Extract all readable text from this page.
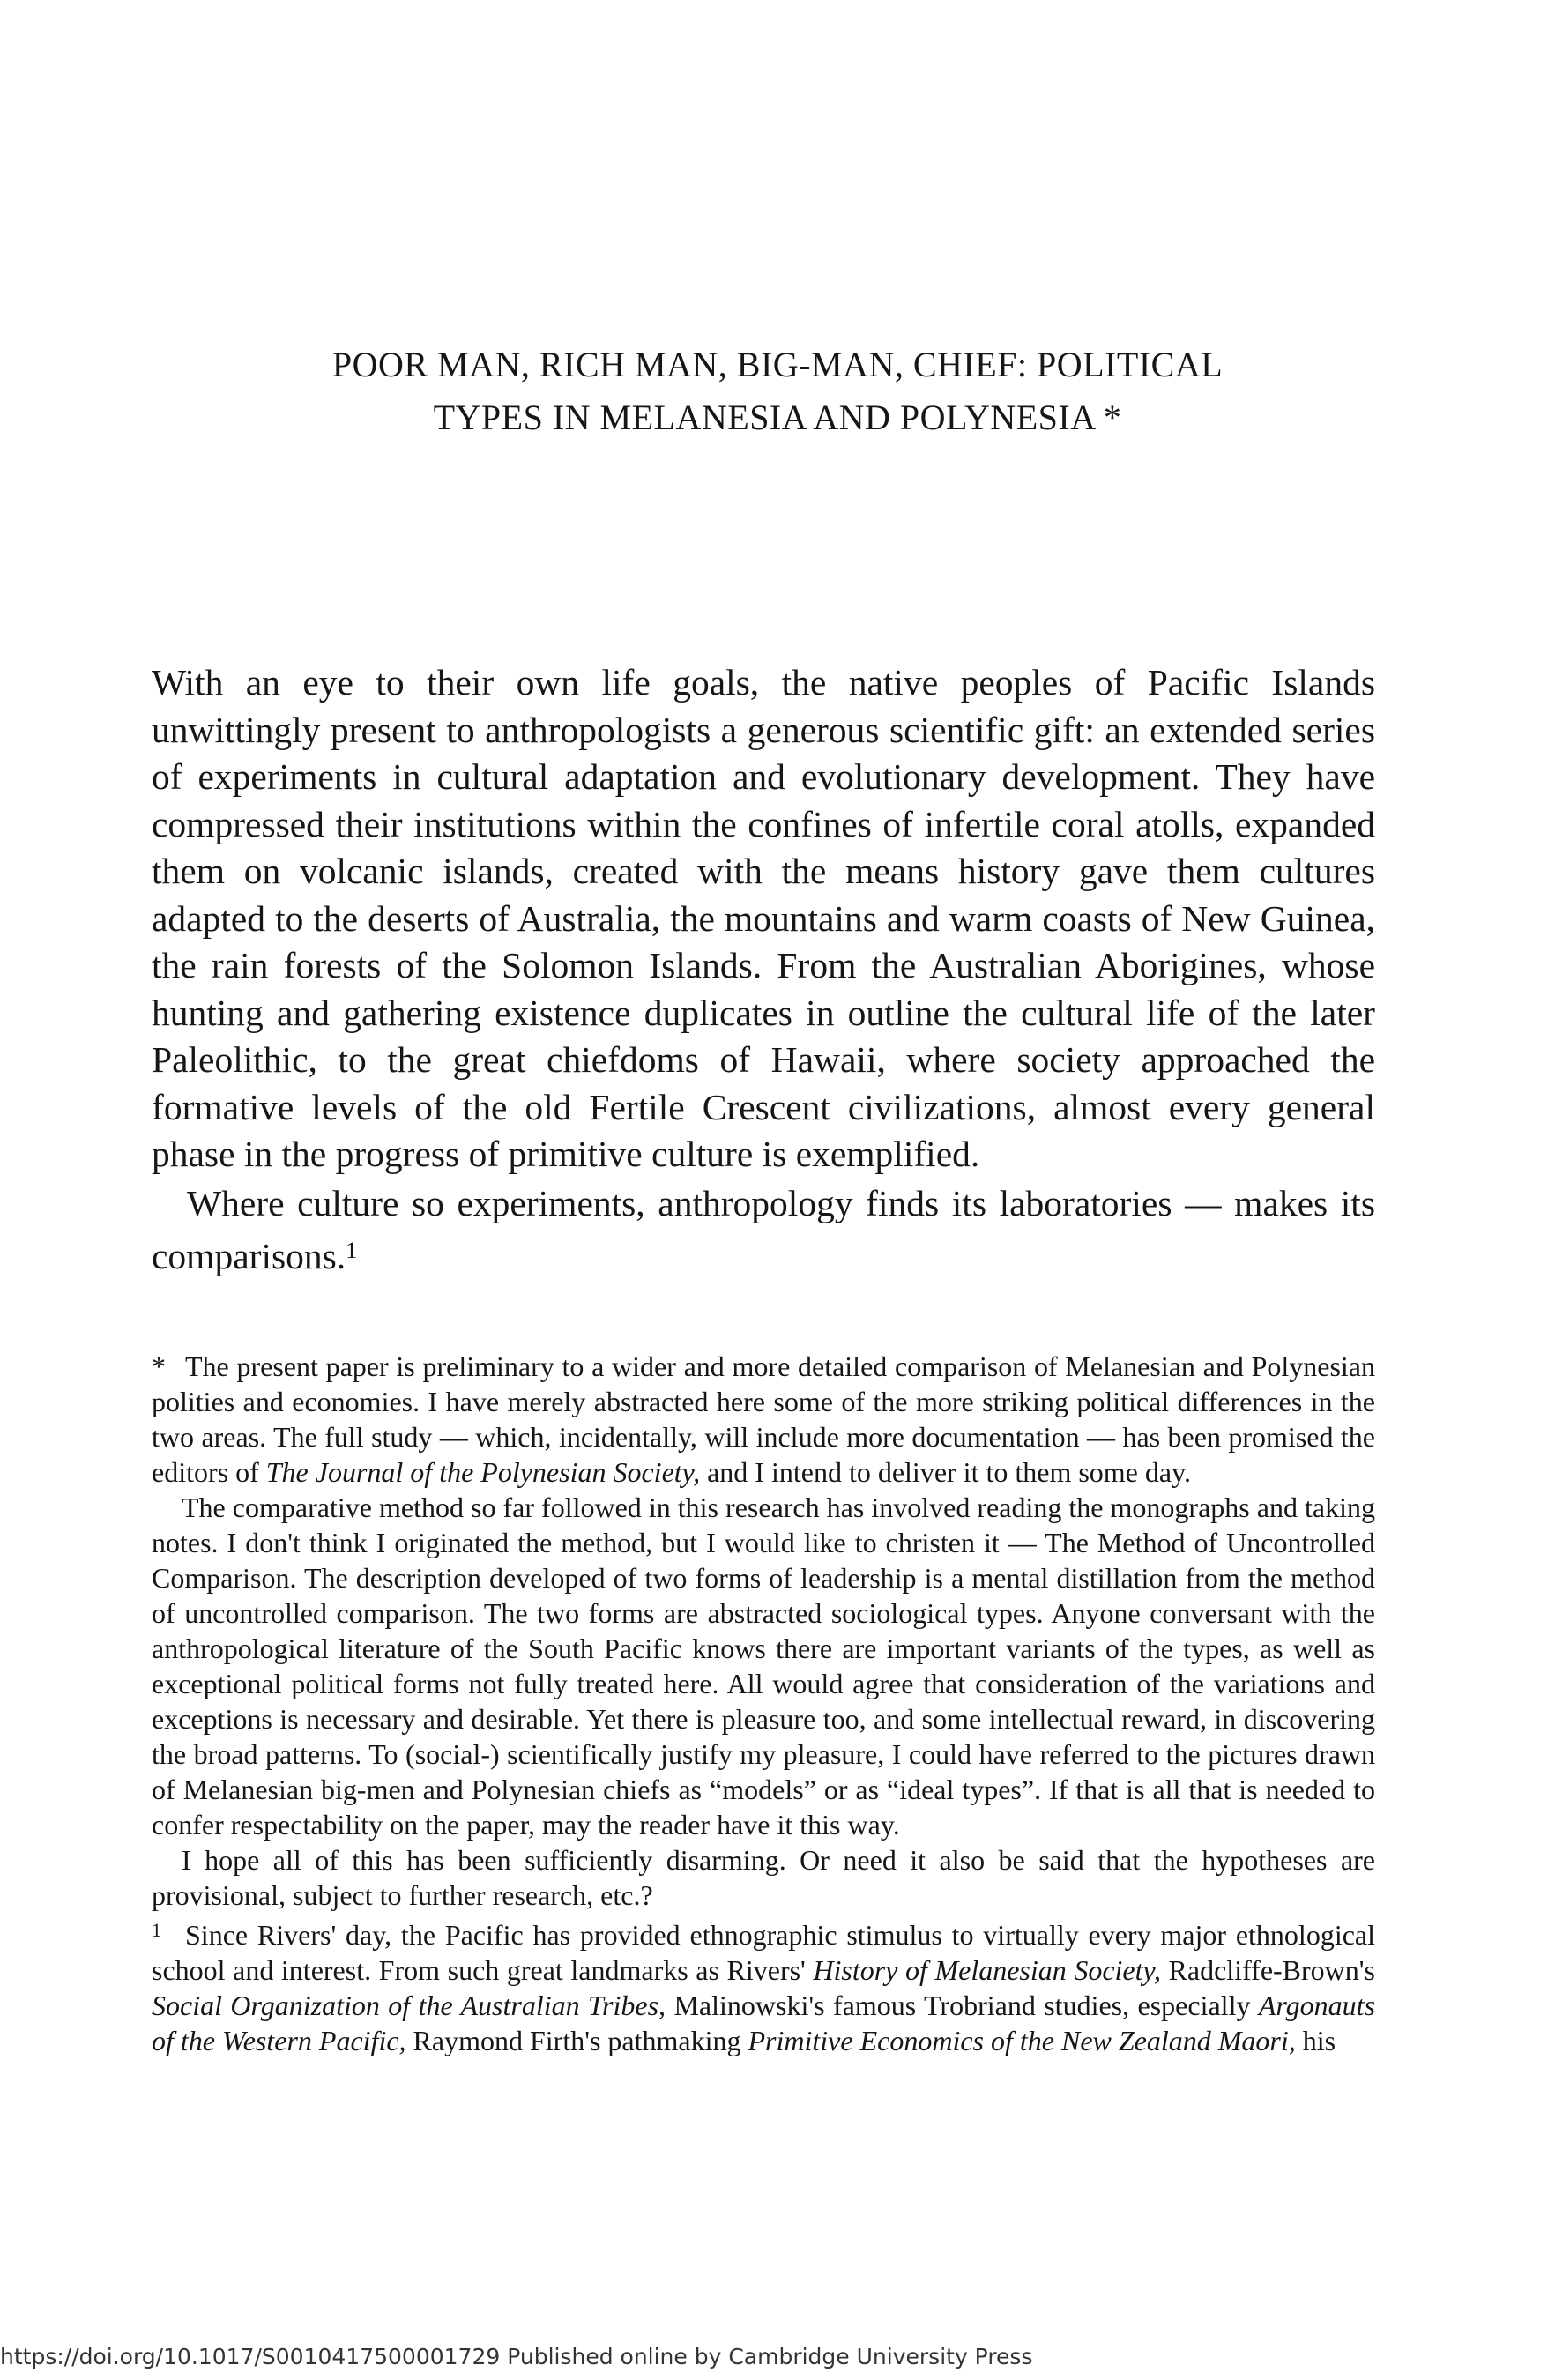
POOR MAN, RICH MAN, BIG-MAN, CHIEF: POLITICAL
TYPES IN MELANESIA AND POLYNESIA *

With an eye to their own life goals, the native peoples of Pacific Islands unwittingly present to anthropologists a generous scientific gift: an extended series of experiments in cultural adaptation and evolutionary development. They have compressed their institutions within the confines of infertile coral atolls, expanded them on volcanic islands, created with the means history gave them cultures adapted to the deserts of Australia, the mountains and warm coasts of New Guinea, the rain forests of the Solomon Islands. From the Australian Aborigines, whose hunting and gathering existence duplicates in outline the cultural life of the later Paleolithic, to the great chiefdoms of Hawaii, where society approached the formative levels of the old Fertile Crescent civilizations, almost every general phase in the progress of primitive culture is exemplified.

Where culture so experiments, anthropology finds its laboratories — makes its comparisons.$^1$

* The present paper is preliminary to a wider and more detailed comparison of Melanesian and Polynesian polities and economies. I have merely abstracted here some of the more striking political differences in the two areas. The full study — which, incidentally, will include more documentation — has been promised the editors of The Journal of the Polynesian Society, and I intend to deliver it to them some day.

The comparative method so far followed in this research has involved reading the monographs and taking notes. I don't think I originated the method, but I would like to christen it — The Method of Uncontrolled Comparison. The description developed of two forms of leadership is a mental distillation from the method of uncontrolled comparison. The two forms are abstracted sociological types. Anyone conversant with the anthropological literature of the South Pacific knows there are important variants of the types, as well as exceptional political forms not fully treated here. All would agree that consideration of the variations and exceptions is necessary and desirable. Yet there is pleasure too, and some intellectual reward, in discovering the broad patterns. To (social-) scientifically justify my pleasure, I could have referred to the pictures drawn of Melanesian big-men and Polynesian chiefs as “models” or as “ideal types”. If that is all that is needed to confer respectability on the paper, may the reader have it this way.

I hope all of this has been sufficiently disarming. Or need it also be said that the hypotheses are provisional, subject to further research, etc.?

1 Since Rivers' day, the Pacific has provided ethnographic stimulus to virtually every major ethnological school and interest. From such great landmarks as Rivers' History of Melanesian Society, Radcliffe-Brown's Social Organization of the Australian Tribes, Malinowski's famous Trobriand studies, especially Argonauts of the Western Pacific, Raymond Firth's pathmaking Primitive Economics of the New Zealand Maori, his

https://doi.org/10.1017/S0010417500001729 Published online by Cambridge University Press
